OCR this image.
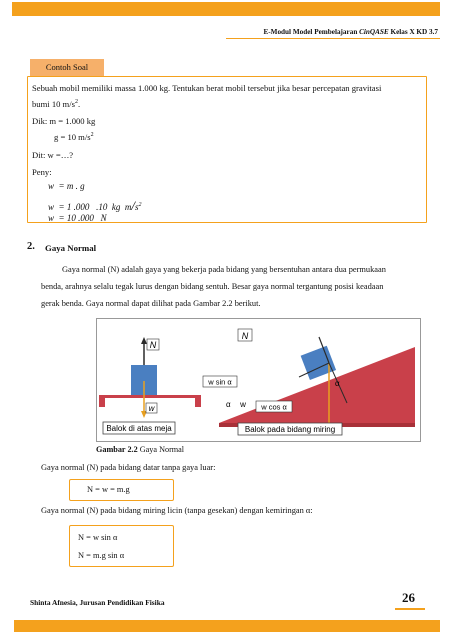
E-Modul Model Pembelajaran CinQASE Kelas X KD 3.7
Contoh Soal
Sebuah mobil memiliki massa 1.000 kg. Tentukan berat mobil tersebut jika besar percepatan gravitasi
bumi 10 $m/s^2$.
Dik: m = 1.000 kg
g = 10 $m/s^2$
Dit: w =…?
Peny:
w  = m . g
w  = 1 .000   .10  kg  $m/s^2$
w  = 10 .000   N
2. Gaya Normal
Gaya normal (N) adalah gaya yang bekerja pada bidang yang bersentuhan antara dua permukaan
benda, arahnya selalu tegak lurus dengan bidang sentuh. Besar gaya normal tergantung posisi keadaan
gerak benda. Gaya normal dapat dilihat pada Gambar 2.2 berikut.
N
w
Balok di atas meja
N
w sin α
w cos α
w
α
α
Balok pada bidang miring
Gambar 2.2 Gaya Normal
Gaya normal (N) pada bidang datar tanpa gaya luar:
N = w = m.g
Gaya normal (N) pada bidang miring licin (tanpa gesekan) dengan kemiringan α:
N = w sin α
N = m.g sin α
Shinta Afnesia, Jurusan Pendidikan Fisika	26
